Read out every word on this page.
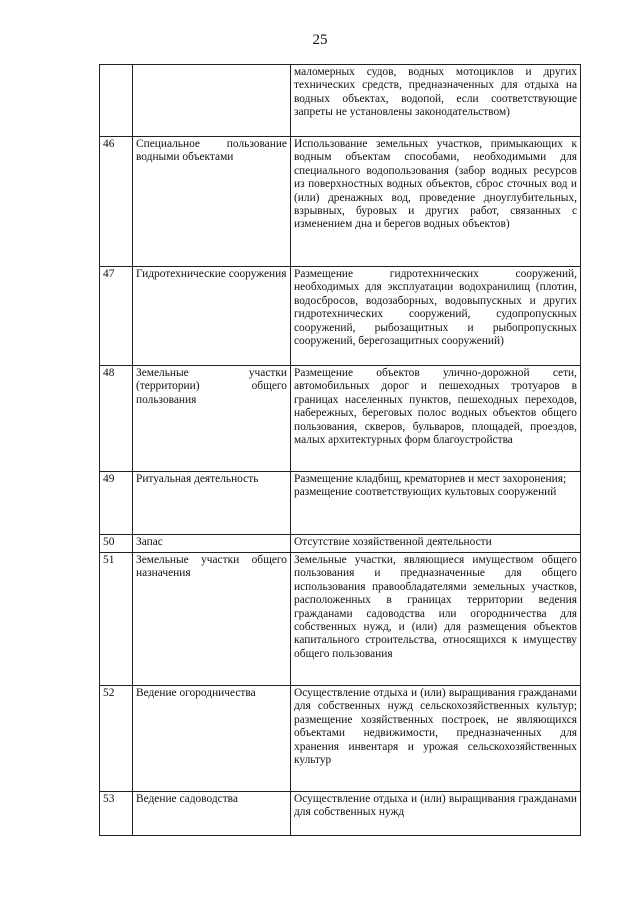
25

		маломерных судов, водных мотоциклов и других технических средств, предназначенных для отдыха на водных объектах, водопой, если соответствующие запреты не установлены законодательством)

46	Специальное пользование водными объектами	Использование земельных участков, примыкающих к водным объектам способами, необходимыми для специального водопользования (забор водных ресурсов из поверхностных водных объектов, сброс сточных вод и (или) дренажных вод, проведение дноуглубительных, взрывных, буровых и других работ, связанных с изменением дна и берегов водных объектов)

47	Гидротехнические сооружения	Размещение гидротехнических сооружений, необходимых для эксплуатации водохранилищ (плотин, водосбросов, водозаборных, водовыпускных и других гидротехнических сооружений, судопропускных сооружений, рыбозащитных и рыбопропускных сооружений, берегозащитных сооружений)

48	Земельные участки (территории) общего пользования	Размещение объектов улично-дорожной сети, автомобильных дорог и пешеходных тротуаров в границах населенных пунктов, пешеходных переходов, набережных, береговых полос водных объектов общего пользования, скверов, бульваров, площадей, проездов, малых архитектурных форм благоустройства

49	Ритуальная деятельность	Размещение кладбищ, крематориев и мест захоронения;
размещение соответствующих культовых сооружений

50	Запас	Отсутствие хозяйственной деятельности

51	Земельные участки общего назначения	Земельные участки, являющиеся имуществом общего пользования и предназначенные для общего использования правообладателями земельных участков, расположенных в границах территории ведения гражданами садоводства или огородничества для собственных нужд, и (или) для размещения объектов капитального строительства, относящихся к имуществу общего пользования

52	Ведение огородничества	Осуществление отдыха и (или) выращивания гражданами для собственных нужд сельскохозяйственных культур; размещение хозяйственных построек, не являющихся объектами недвижимости, предназначенных для хранения инвентаря и урожая сельскохозяйственных культур

53	Ведение садоводства	Осуществление отдыха и (или) выращивания гражданами для собственных нужд
